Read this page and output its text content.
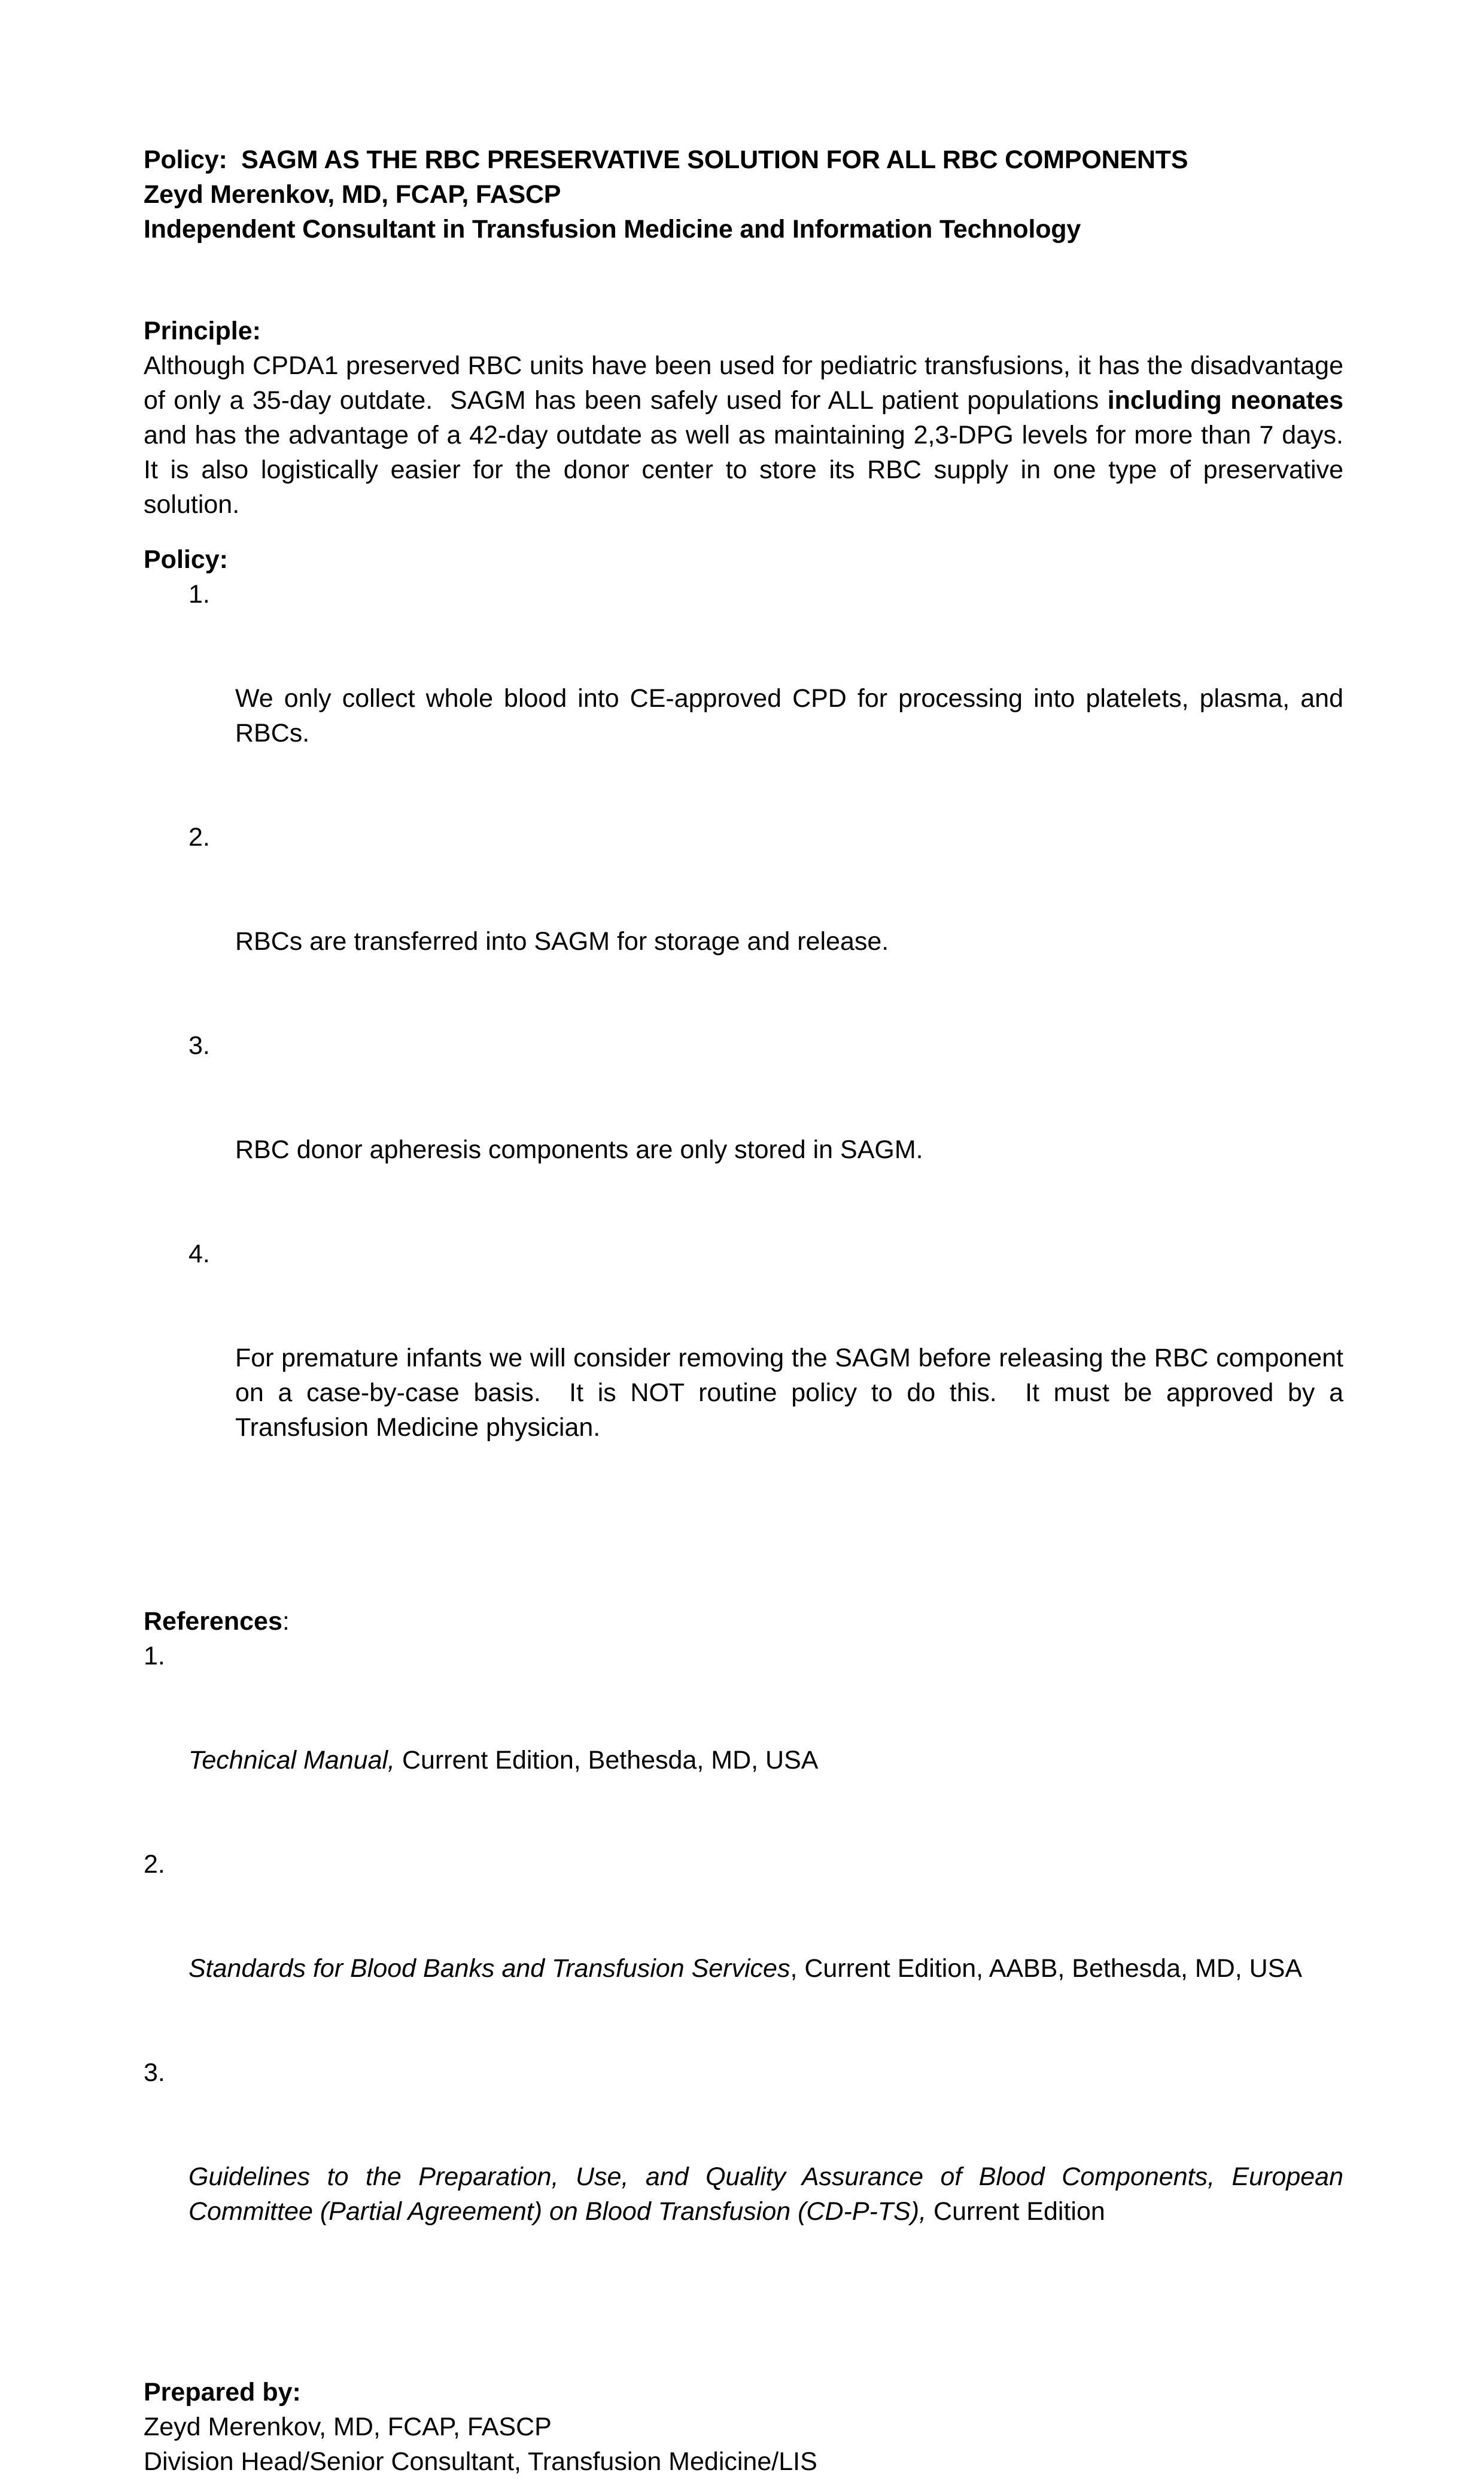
Policy:  SAGM AS THE RBC PRESERVATIVE SOLUTION FOR ALL RBC COMPONENTS
Zeyd Merenkov, MD, FCAP, FASCP
Independent Consultant in Transfusion Medicine and Information Technology
Principle:

Although CPDA1 preserved RBC units have been used for pediatric transfusions, it has the disadvantage of only a 35-day outdate.  SAGM has been safely used for ALL patient populations including neonates and has the advantage of a 42-day outdate as well as maintaining 2,3-DPG levels for more than 7 days.  It is also logistically easier for the donor center to store its RBC supply in one type of preservative solution.

Policy:

1.

We only collect whole blood into CE-approved CPD for processing into platelets, plasma, and RBCs.

2.

RBCs are transferred into SAGM for storage and release.

3.

RBC donor apheresis components are only stored in SAGM.

4.

For premature infants we will consider removing the SAGM before releasing the RBC component on a case-by-case basis.  It is NOT routine policy to do this.  It must be approved by a Transfusion Medicine physician.

References:

1.

Technical Manual, Current Edition, Bethesda, MD, USA

2.

Standards for Blood Banks and Transfusion Services, Current Edition, AABB, Bethesda, MD, USA

3.

Guidelines to the Preparation, Use, and Quality Assurance of Blood Components, European Committee (Partial Agreement) on Blood Transfusion (CD-P-TS), Current Edition

Prepared by:
Zeyd Merenkov, MD, FCAP, FASCP
Division Head/Senior Consultant, Transfusion Medicine/LIS
